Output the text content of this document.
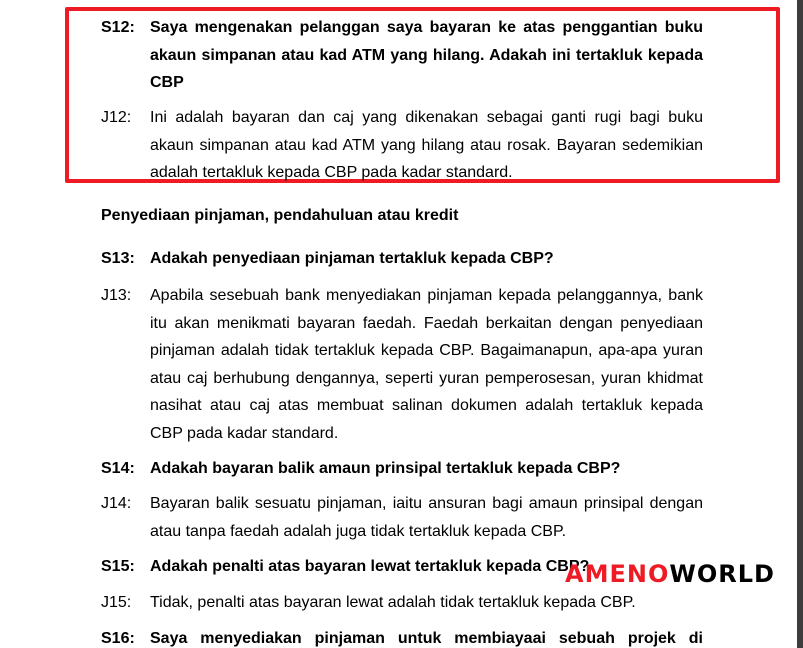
S12: Saya mengenakan pelanggan saya bayaran ke atas penggantian buku akaun simpanan atau kad ATM yang hilang. Adakah ini tertakluk kepada CBP
J12: Ini adalah bayaran dan caj yang dikenakan sebagai ganti rugi bagi buku akaun simpanan atau kad ATM yang hilang atau rosak. Bayaran sedemikian adalah tertakluk kepada CBP pada kadar standard.
Penyediaan pinjaman, pendahuluan atau kredit
S13: Adakah penyediaan pinjaman tertakluk kepada CBP?
J13: Apabila sesebuah bank menyediakan pinjaman kepada pelanggannya, bank itu akan menikmati bayaran faedah. Faedah berkaitan dengan penyediaan pinjaman adalah tidak tertakluk kepada CBP. Bagaimanapun, apa-apa yuran atau caj berhubung dengannya, seperti yuran pemperosesan, yuran khidmat nasihat atau caj atas membuat salinan dokumen adalah tertakluk kepada CBP pada kadar standard.
S14: Adakah bayaran balik amaun prinsipal tertakluk kepada CBP?
J14: Bayaran balik sesuatu pinjaman, iaitu ansuran bagi amaun prinsipal dengan atau tanpa faedah adalah juga tidak tertakluk kepada CBP.
S15: Adakah penalti atas bayaran lewat tertakluk kepada CBP?
J15: Tidak, penalti atas bayaran lewat adalah tidak tertakluk kepada CBP.
S16: Saya menyediakan pinjaman untuk membiayaai sebuah projek di
AMENOWORLD
